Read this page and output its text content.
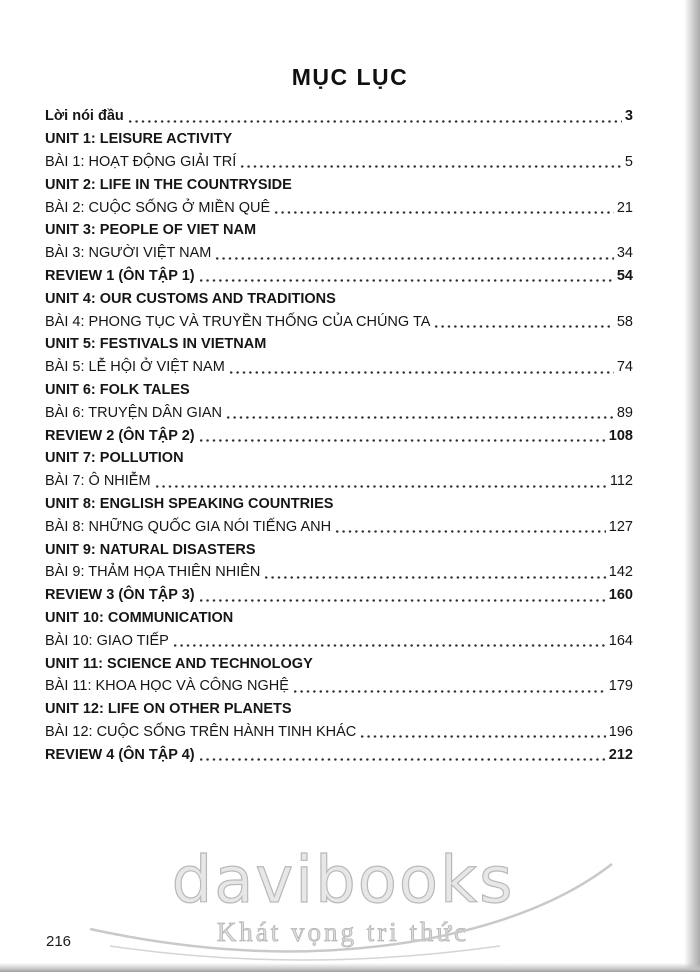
MỤC LỤC
Lời nói đầu	3
UNIT 1: LEISURE ACTIVITY
BÀI 1: HOẠT ĐỘNG GIẢI TRÍ	5
UNIT 2: LIFE IN THE COUNTRYSIDE
BÀI 2: CUỘC SỐNG Ở MIỀN QUÊ	21
UNIT 3: PEOPLE OF VIET NAM
BÀI 3: NGƯỜI VIỆT NAM	34
REVIEW 1 (ÔN TẬP 1)	54
UNIT 4: OUR CUSTOMS AND TRADITIONS
BÀI 4: PHONG TỤC VÀ TRUYỀN THỐNG CỦA CHÚNG TA	58
UNIT 5: FESTIVALS IN VIETNAM
BÀI 5: LỄ HỘI Ở VIỆT NAM	74
UNIT 6: FOLK TALES
BÀI 6: TRUYỆN DÂN GIAN	89
REVIEW 2 (ÔN TẬP 2)	108
UNIT 7: POLLUTION
BÀI 7: Ô NHIỄM	112
UNIT 8: ENGLISH SPEAKING COUNTRIES
BÀI 8: NHỮNG QUỐC GIA NÓI TIẾNG ANH	127
UNIT 9: NATURAL DISASTERS
BÀI 9: THẢM HỌA THIÊN NHIÊN	142
REVIEW 3 (ÔN TẬP 3)	160
UNIT 10: COMMUNICATION
BÀI 10: GIAO TIẾP	164
UNIT 11: SCIENCE AND TECHNOLOGY
BÀI 11: KHOA HỌC VÀ CÔNG NGHỆ	179
UNIT 12: LIFE ON OTHER PLANETS
BÀI 12: CUỘC SỐNG TRÊN HÀNH TINH KHÁC	196
REVIEW 4 (ÔN TẬP 4)	212
davibooks
Khát vọng tri thức
216
